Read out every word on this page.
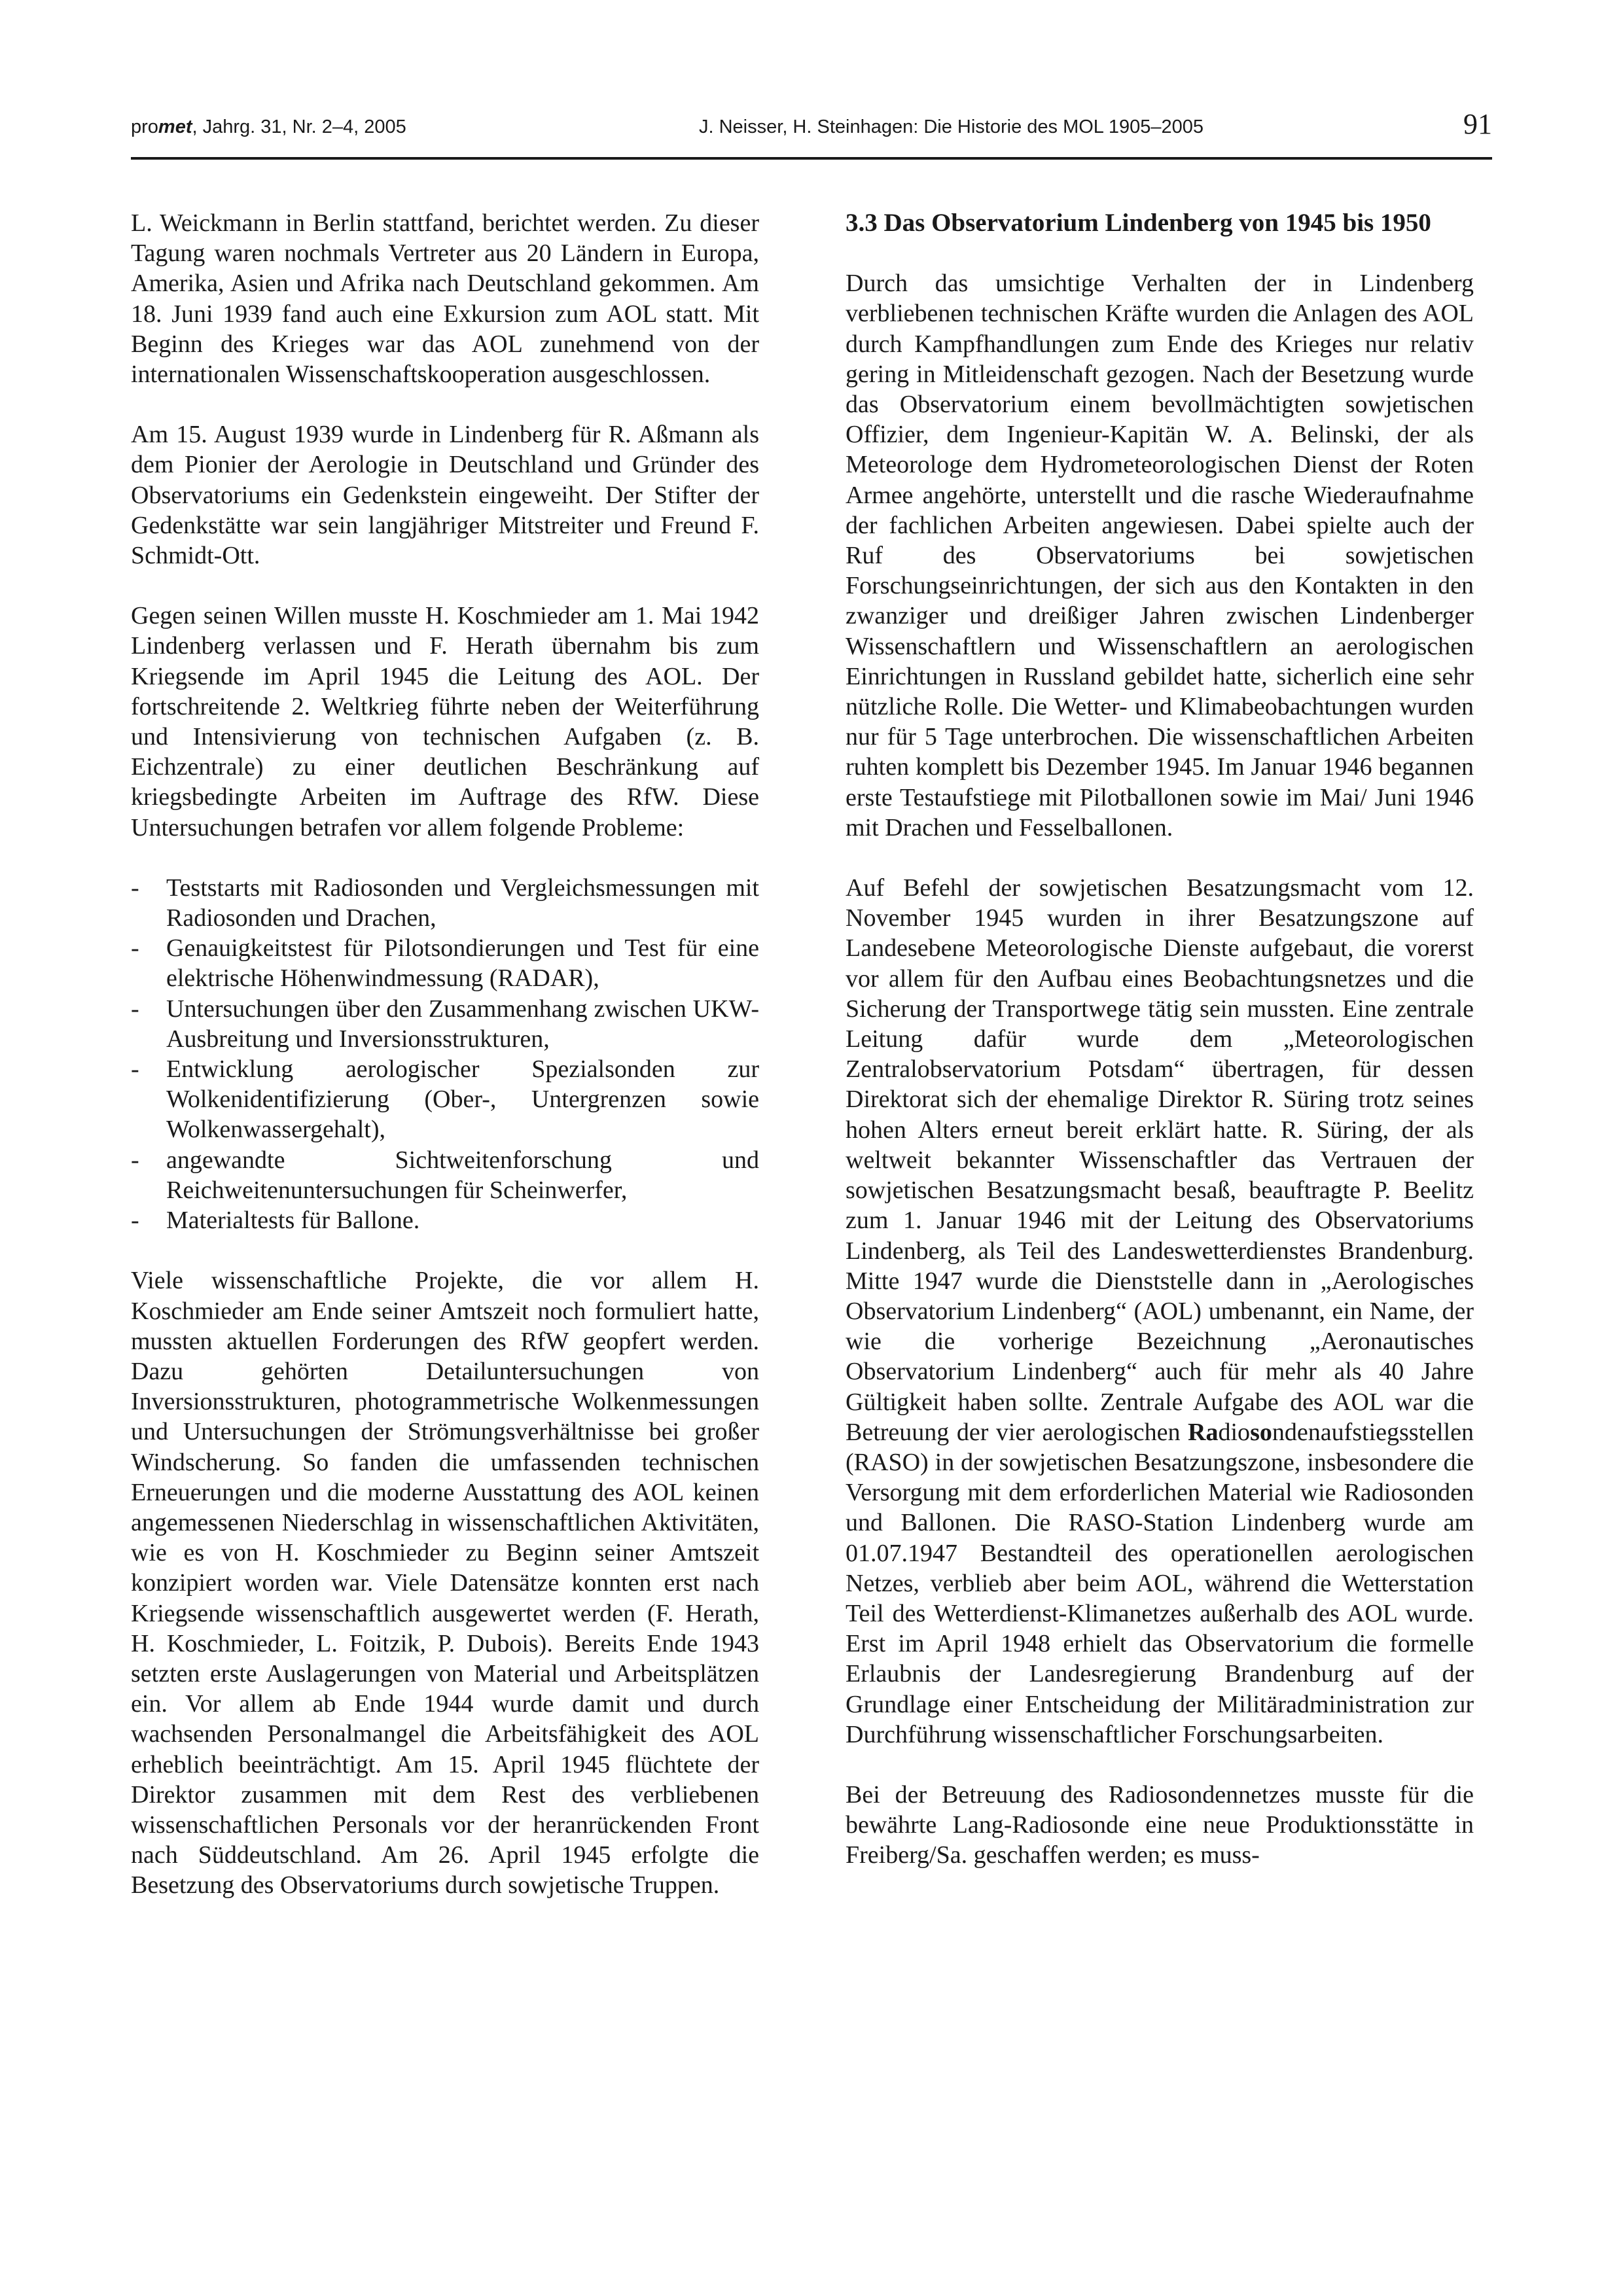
promet, Jahrg. 31, Nr. 2–4, 2005	J. Neisser, H. Steinhagen: Die Historie des MOL 1905–2005	91

L. Weickmann in Berlin stattfand, berichtet werden. Zu dieser Tagung waren nochmals Vertreter aus 20 Ländern in Europa, Amerika, Asien und Afrika nach Deutschland gekommen. Am 18. Juni 1939 fand auch eine Exkursion zum AOL statt. Mit Beginn des Krieges war das AOL zunehmend von der internationalen Wissenschaftskooperation ausgeschlossen.

Am 15. August 1939 wurde in Lindenberg für R. Aßmann als dem Pionier der Aerologie in Deutschland und Gründer des Observatoriums ein Gedenkstein eingeweiht. Der Stifter der Gedenkstätte war sein langjähriger Mitstreiter und Freund F. Schmidt-Ott.

Gegen seinen Willen musste H. Koschmieder am 1. Mai 1942 Lindenberg verlassen und F. Herath übernahm bis zum Kriegsende im April 1945 die Leitung des AOL. Der fortschreitende 2. Weltkrieg führte neben der Weiterführung und Intensivierung von technischen Aufgaben (z. B. Eichzentrale) zu einer deutlichen Beschränkung auf kriegsbedingte Arbeiten im Auftrage des RfW. Diese Untersuchungen betrafen vor allem folgende Probleme:

- Teststarts mit Radiosonden und Vergleichsmessungen mit Radiosonden und Drachen,
- Genauigkeitstest für Pilotsondierungen und Test für eine elektrische Höhenwindmessung (RADAR),
- Untersuchungen über den Zusammenhang zwischen UKW-Ausbreitung und Inversionsstrukturen,
- Entwicklung aerologischer Spezialsonden zur Wolkenidentifizierung (Ober-, Untergrenzen sowie Wolkenwassergehalt),
- angewandte Sichtweitenforschung und Reichweitenuntersuchungen für Scheinwerfer,
- Materialtests für Ballone.

Viele wissenschaftliche Projekte, die vor allem H. Koschmieder am Ende seiner Amtszeit noch formuliert hatte, mussten aktuellen Forderungen des RfW geopfert werden. Dazu gehörten Detailuntersuchungen von Inversionsstrukturen, photogrammetrische Wolkenmessungen und Untersuchungen der Strömungsverhältnisse bei großer Windscherung. So fanden die umfassenden technischen Erneuerungen und die moderne Ausstattung des AOL keinen angemessenen Niederschlag in wissenschaftlichen Aktivitäten, wie es von H. Koschmieder zu Beginn seiner Amtszeit konzipiert worden war. Viele Datensätze konnten erst nach Kriegsende wissenschaftlich ausgewertet werden (F. Herath, H. Koschmieder, L. Foitzik, P. Dubois). Bereits Ende 1943 setzten erste Auslagerungen von Material und Arbeitsplätzen ein. Vor allem ab Ende 1944 wurde damit und durch wachsenden Personalmangel die Arbeitsfähigkeit des AOL erheblich beeinträchtigt. Am 15. April 1945 flüchtete der Direktor zusammen mit dem Rest des verbliebenen wissenschaftlichen Personals vor der heranrückenden Front nach Süddeutschland. Am 26. April 1945 erfolgte die Besetzung des Observatoriums durch sowjetische Truppen.

3.3 Das Observatorium Lindenberg von 1945 bis 1950

Durch das umsichtige Verhalten der in Lindenberg verbliebenen technischen Kräfte wurden die Anlagen des AOL durch Kampfhandlungen zum Ende des Krieges nur relativ gering in Mitleidenschaft gezogen. Nach der Besetzung wurde das Observatorium einem bevollmächtigten sowjetischen Offizier, dem Ingenieur-Kapitän W. A. Belinski, der als Meteorologe dem Hydrometeorologischen Dienst der Roten Armee angehörte, unterstellt und die rasche Wiederaufnahme der fachlichen Arbeiten angewiesen. Dabei spielte auch der Ruf des Observatoriums bei sowjetischen Forschungseinrichtungen, der sich aus den Kontakten in den zwanziger und dreißiger Jahren zwischen Lindenberger Wissenschaftlern und Wissenschaftlern an aerologischen Einrichtungen in Russland gebildet hatte, sicherlich eine sehr nützliche Rolle. Die Wetter- und Klimabeobachtungen wurden nur für 5 Tage unterbrochen. Die wissenschaftlichen Arbeiten ruhten komplett bis Dezember 1945. Im Januar 1946 begannen erste Testaufstiege mit Pilotballonen sowie im Mai/ Juni 1946 mit Drachen und Fesselballonen.

Auf Befehl der sowjetischen Besatzungsmacht vom 12. November 1945 wurden in ihrer Besatzungszone auf Landesebene Meteorologische Dienste aufgebaut, die vorerst vor allem für den Aufbau eines Beobachtungsnetzes und die Sicherung der Transportwege tätig sein mussten. Eine zentrale Leitung dafür wurde dem „Meteorologischen Zentralobservatorium Potsdam“ übertragen, für dessen Direktorat sich der ehemalige Direktor R. Süring trotz seines hohen Alters erneut bereit erklärt hatte. R. Süring, der als weltweit bekannter Wissenschaftler das Vertrauen der sowjetischen Besatzungsmacht besaß, beauftragte P. Beelitz zum 1. Januar 1946 mit der Leitung des Observatoriums Lindenberg, als Teil des Landeswetterdienstes Brandenburg. Mitte 1947 wurde die Dienststelle dann in „Aerologisches Observatorium Lindenberg“ (AOL) umbenannt, ein Name, der wie die vorherige Bezeichnung „Aeronautisches Observatorium Lindenberg“ auch für mehr als 40 Jahre Gültigkeit haben sollte. Zentrale Aufgabe des AOL war die Betreuung der vier aerologischen Radiosondenaufstiegsstellen (RASO) in der sowjetischen Besatzungszone, insbesondere die Versorgung mit dem erforderlichen Material wie Radiosonden und Ballonen. Die RASO-Station Lindenberg wurde am 01.07.1947 Bestandteil des operationellen aerologischen Netzes, verblieb aber beim AOL, während die Wetterstation Teil des Wetterdienst-Klimanetzes außerhalb des AOL wurde. Erst im April 1948 erhielt das Observatorium die formelle Erlaubnis der Landesregierung Brandenburg auf der Grundlage einer Entscheidung der Militäradministration zur Durchführung wissenschaftlicher Forschungsarbeiten.

Bei der Betreuung des Radiosondennetzes musste für die bewährte Lang-Radiosonde eine neue Produktionsstätte in Freiberg/Sa. geschaffen werden; es muss-
